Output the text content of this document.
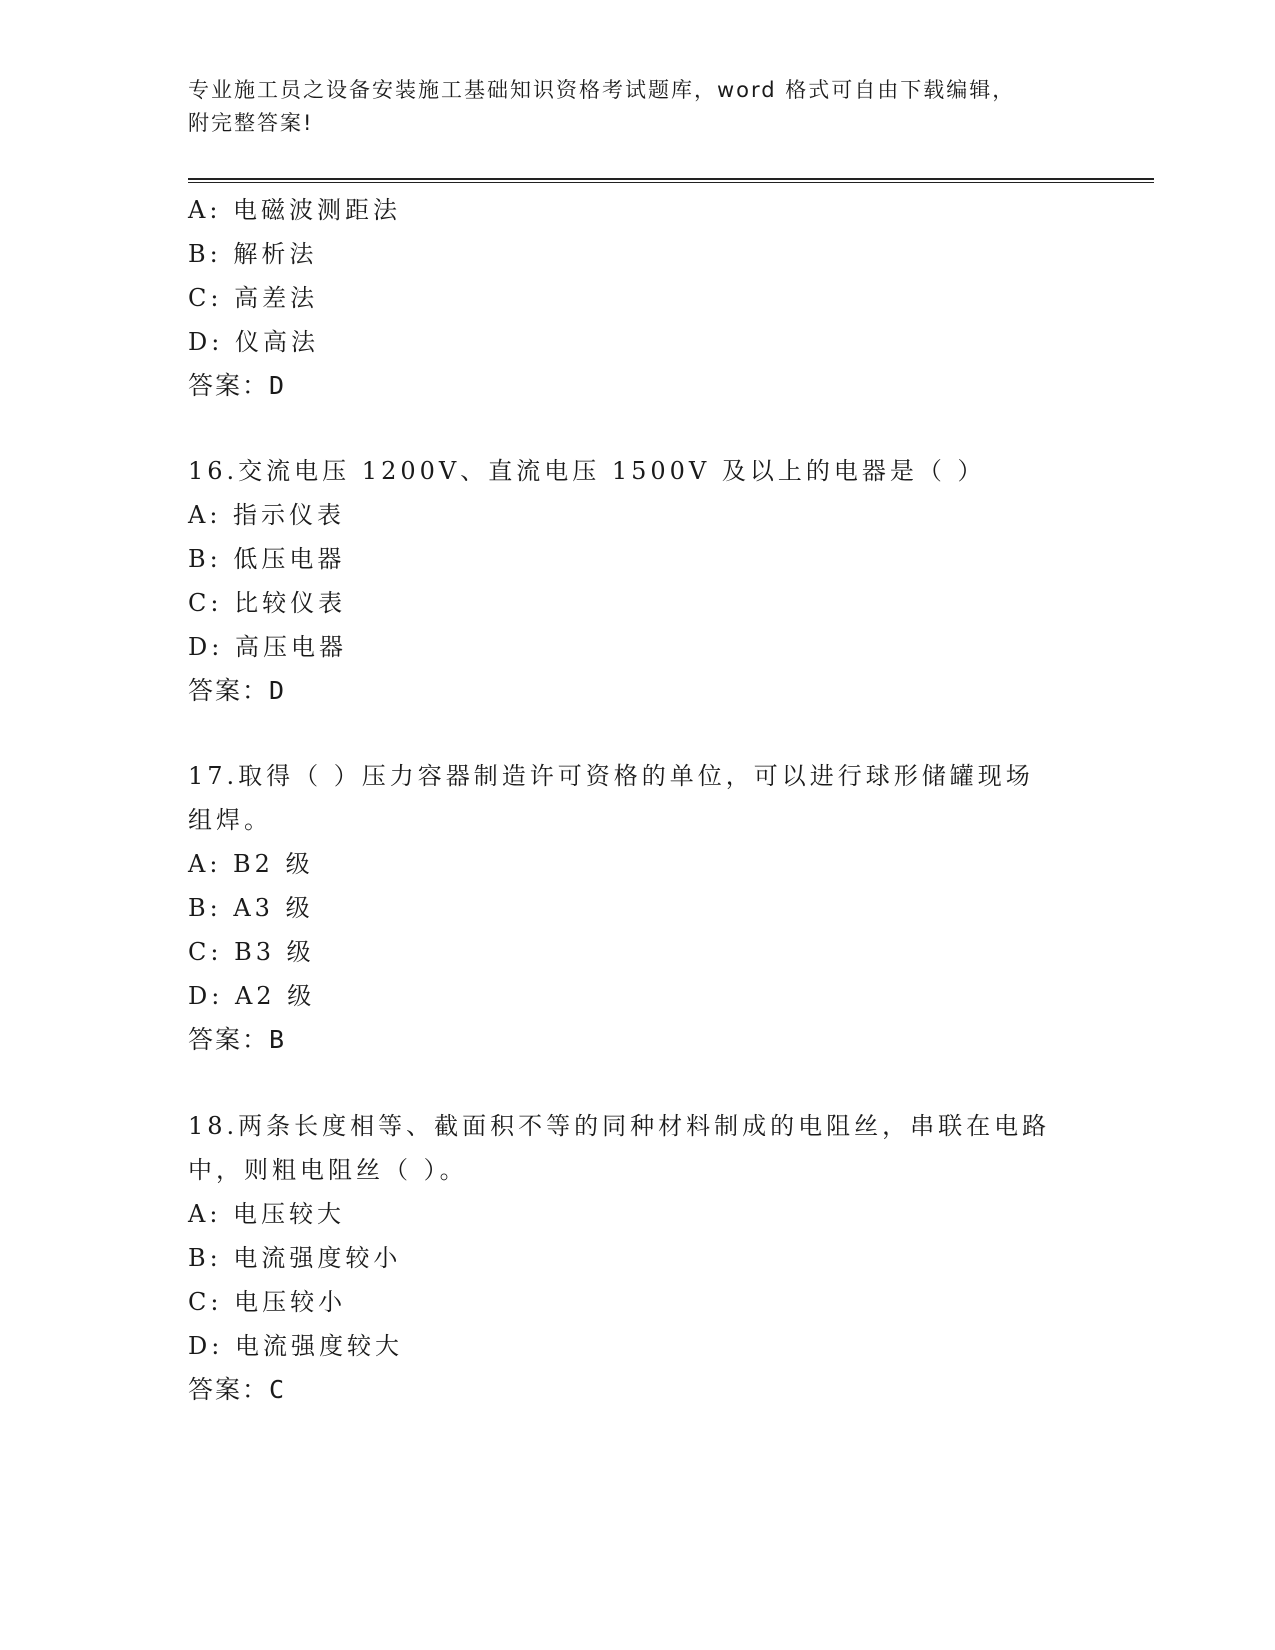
专业施工员之设备安装施工基础知识资格考试题库，word 格式可自由下载编辑，
附完整答案!
A: 电磁波测距法
B: 解析法
C: 高差法
D: 仪高法
答案：D
16.交流电压 1200V、直流电压 1500V 及以上的电器是（ ）
A: 指示仪表
B: 低压电器
C: 比较仪表
D: 高压电器
答案：D
17.取得（ ）压力容器制造许可资格的单位，可以进行球形储罐现场
组焊。
A: B2 级
B: A3 级
C: B3 级
D: A2 级
答案：B
18.两条长度相等、截面积不等的同种材料制成的电阻丝，串联在电路
中，则粗电阻丝（ ）。
A: 电压较大
B: 电流强度较小
C: 电压较小
D: 电流强度较大
答案：C
